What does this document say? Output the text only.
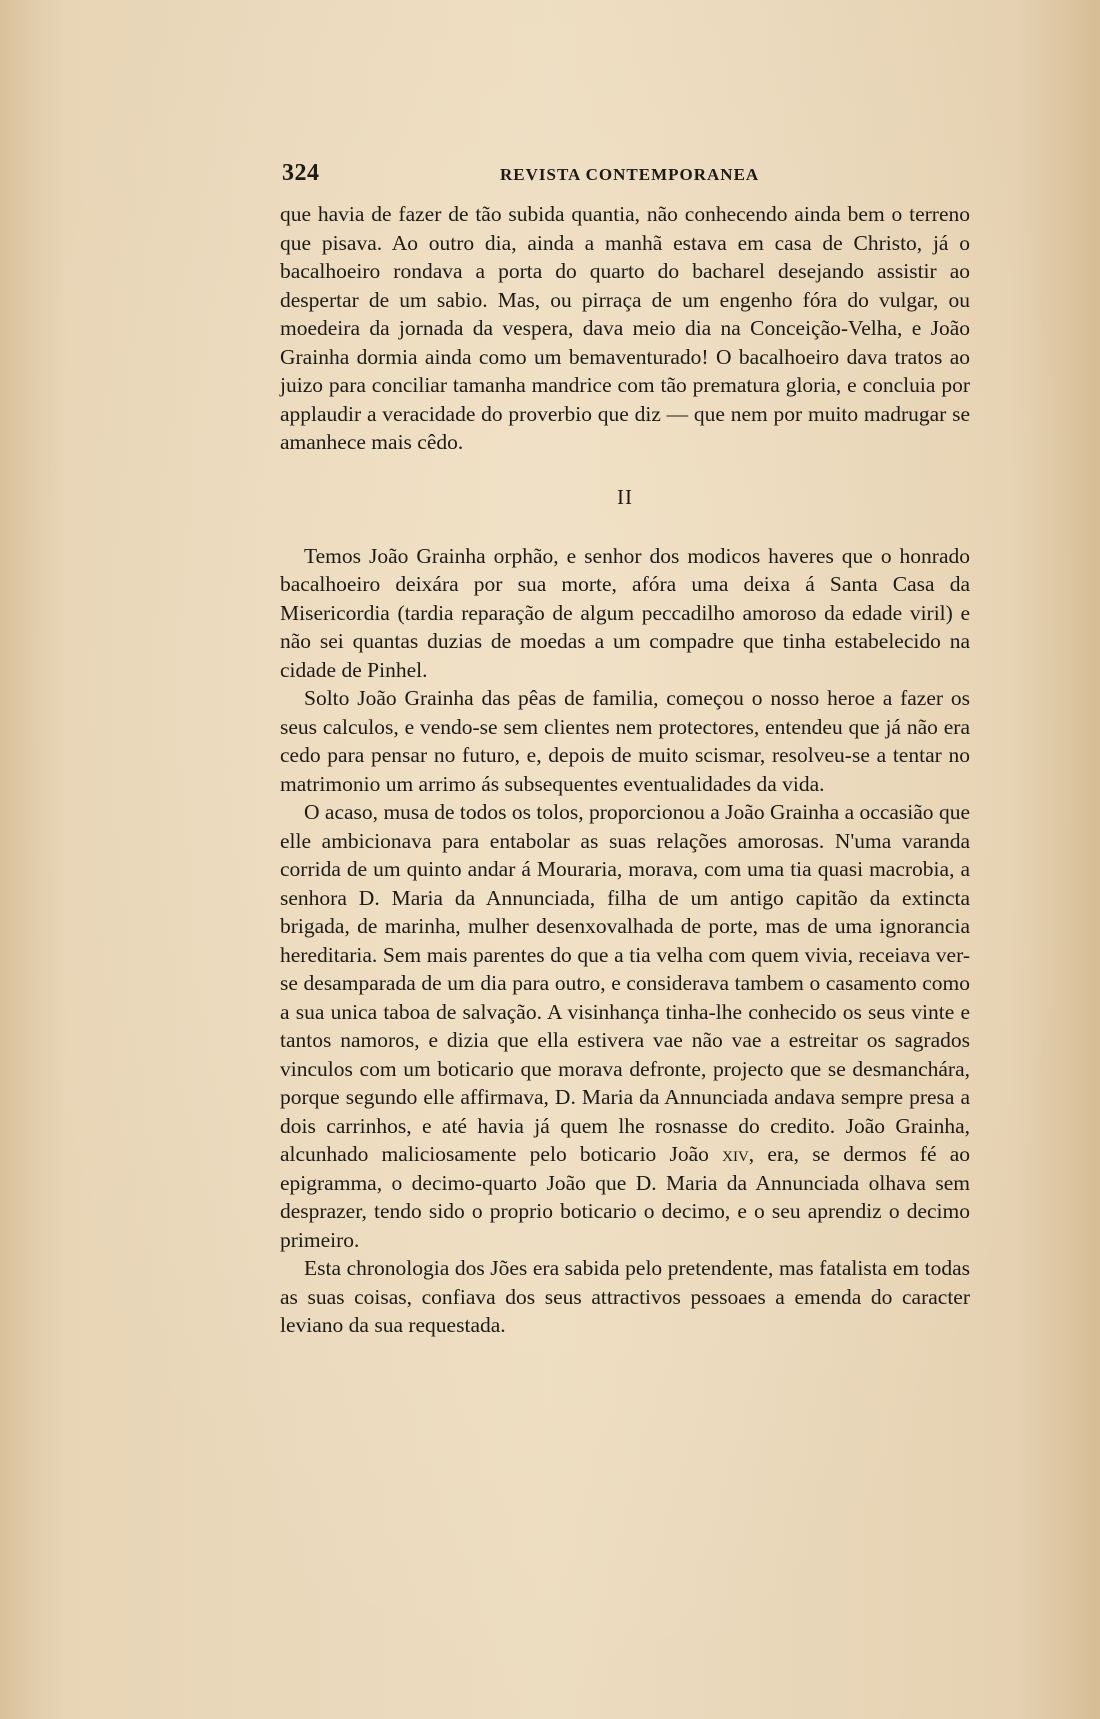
324	REVISTA CONTEMPORANEA

que havia de fazer de tão subida quantia, não conhecendo ainda bem o terreno que pisava. Ao outro dia, ainda a manhã estava em casa de Christo, já o bacalhoeiro rondava a porta do quarto do bacharel desejando assistir ao despertar de um sabio. Mas, ou pirraça de um engenho fóra do vulgar, ou moedeira da jornada da vespera, dava meio dia na Conceição-Velha, e João Grainha dormia ainda como um bemaventurado! O bacalhoeiro dava tratos ao juizo para conciliar tamanha mandrice com tão prematura gloria, e concluia por applaudir a veracidade do proverbio que diz — que nem por muito madrugar se amanhece mais cêdo.

II

Temos João Grainha orphão, e senhor dos modicos haveres que o honrado bacalhoeiro deixára por sua morte, afóra uma deixa á Santa Casa da Misericordia (tardia reparação de algum peccadilho amoroso da edade viril) e não sei quantas duzias de moedas a um compadre que tinha estabelecido na cidade de Pinhel.

Solto João Grainha das pêas de familia, começou o nosso heroe a fazer os seus calculos, e vendo-se sem clientes nem protectores, entendeu que já não era cedo para pensar no futuro, e, depois de muito scismar, resolveu-se a tentar no matrimonio um arrimo ás subsequentes eventualidades da vida.

O acaso, musa de todos os tolos, proporcionou a João Grainha a occasião que elle ambicionava para entabolar as suas relações amorosas. N'uma varanda corrida de um quinto andar á Mouraria, morava, com uma tia quasi macrobia, a senhora D. Maria da Annunciada, filha de um antigo capitão da extincta brigada, de marinha, mulher desenxovalhada de porte, mas de uma ignorancia hereditaria. Sem mais parentes do que a tia velha com quem vivia, receiava ver-se desamparada de um dia para outro, e considerava tambem o casamento como a sua unica taboa de salvação. A visinhança tinha-lhe conhecido os seus vinte e tantos namoros, e dizia que ella estivera vae não vae a estreitar os sagrados vinculos com um boticario que morava defronte, projecto que se desmanchára, porque segundo elle affirmava, D. Maria da Annunciada andava sempre presa a dois carrinhos, e até havia já quem lhe rosnasse do credito. João Grainha, alcunhado maliciosamente pelo boticario João xiv, era, se dermos fé ao epigramma, o decimo-quarto João que D. Maria da Annunciada olhava sem desprazer, tendo sido o proprio boticario o decimo, e o seu aprendiz o decimo primeiro.

Esta chronologia dos Jões era sabida pelo pretendente, mas fatalista em todas as suas coisas, confiava dos seus attractivos pessoaes a emenda do caracter leviano da sua requestada.
